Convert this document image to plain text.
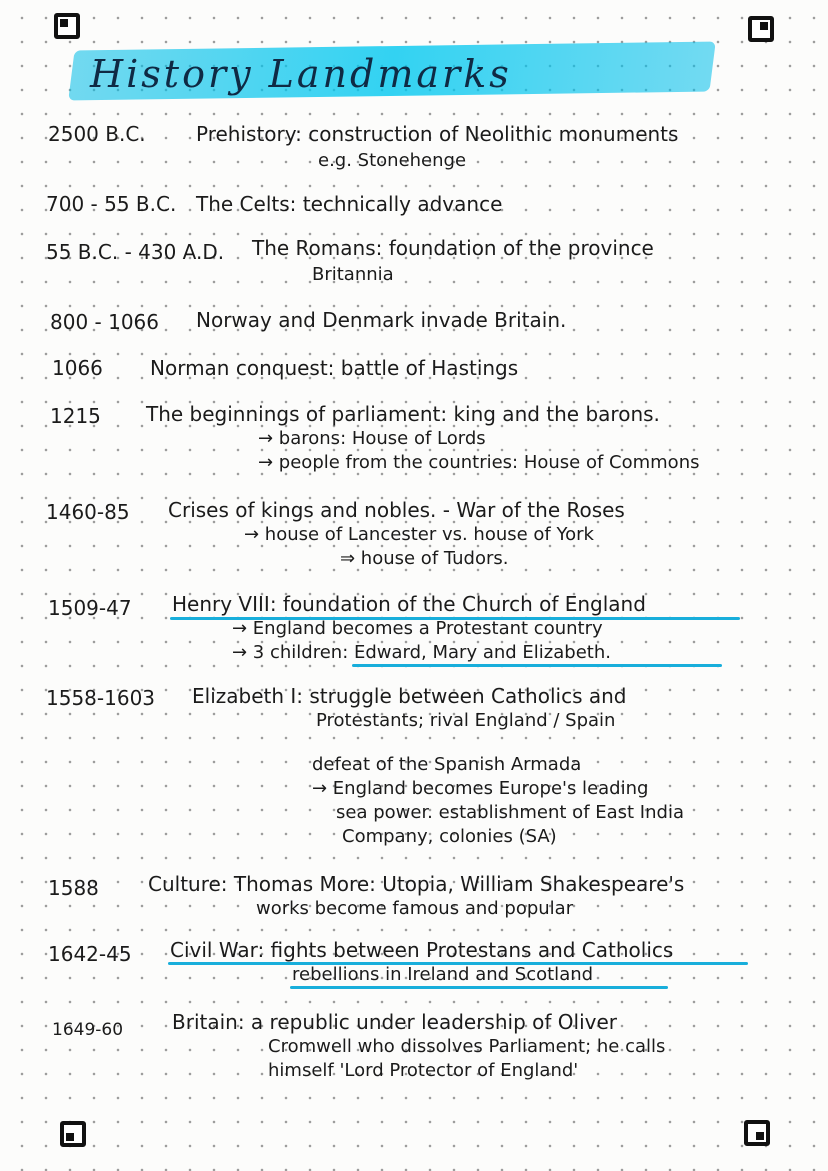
History Landmarks
2500 B.C.	Prehistory: construction of Neolithic monuments
e.g. Stonehenge
700 - 55 B.C. The Celts: technically advance
55 B.C. - 430 A.D. The Romans: foundation of the province
Britannia
800 - 1066 Norway and Denmark invade Britain.
1066 Norman conquest: battle of Hastings
1215 The beginnings of parliament: king and the barons.
→ barons: House of Lords
→ people from the countries: House of Commons
1460-85 Crises of kings and nobles. - War of the Roses
→ house of Lancester vs. house of York
⇒ house of Tudors.
1509-47 Henry VIII: foundation of the Church of England
→ England becomes a Protestant country
→ 3 children: Edward, Mary and Elizabeth.
1558-1603 Elizabeth I: struggle between Catholics and
Protestants; rival England / Spain
defeat of the Spanish Armada
→ England becomes Europe's leading
sea power. establishment of East India
Company, colonies (SA)
1588 Culture: Thomas More: Utopia, William Shakespeare's
works become famous and popular
1642-45 Civil War: fights between Protestans and Catholics
rebellions in Ireland and Scotland
1649-60 Britain: a republic under leadership of Oliver
Cromwell who dissolves Parliament; he calls
himself 'Lord Protector of England'
